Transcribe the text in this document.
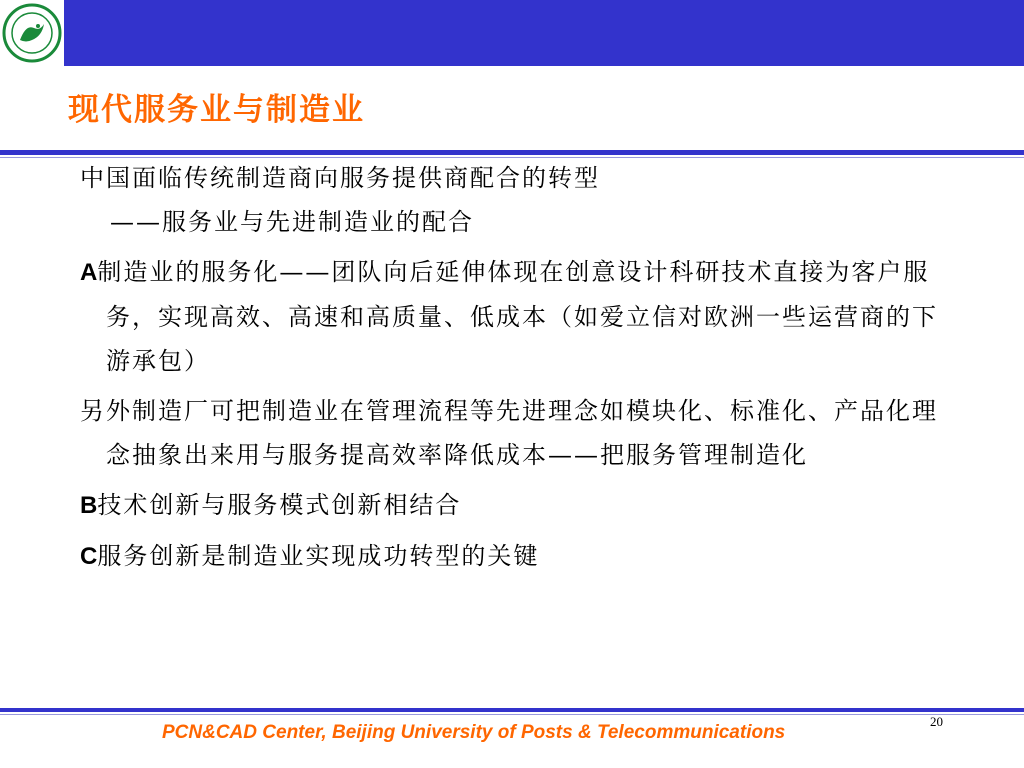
现代服务业与制造业

中国面临传统制造商向服务提供商配合的转型

——服务业与先进制造业的配合

A制造业的服务化——团队向后延伸体现在创意设计科研技术直接为客户服务，实现高效、高速和高质量、低成本（如爱立信对欧洲一些运营商的下游承包）

另外制造厂可把制造业在管理流程等先进理念如模块化、标准化、产品化理念抽象出来用与服务提高效率降低成本——把服务管理制造化

B技术创新与服务模式创新相结合

C服务创新是制造业实现成功转型的关键

20
PCN&CAD Center, Beijing University of Posts & Telecommunications
